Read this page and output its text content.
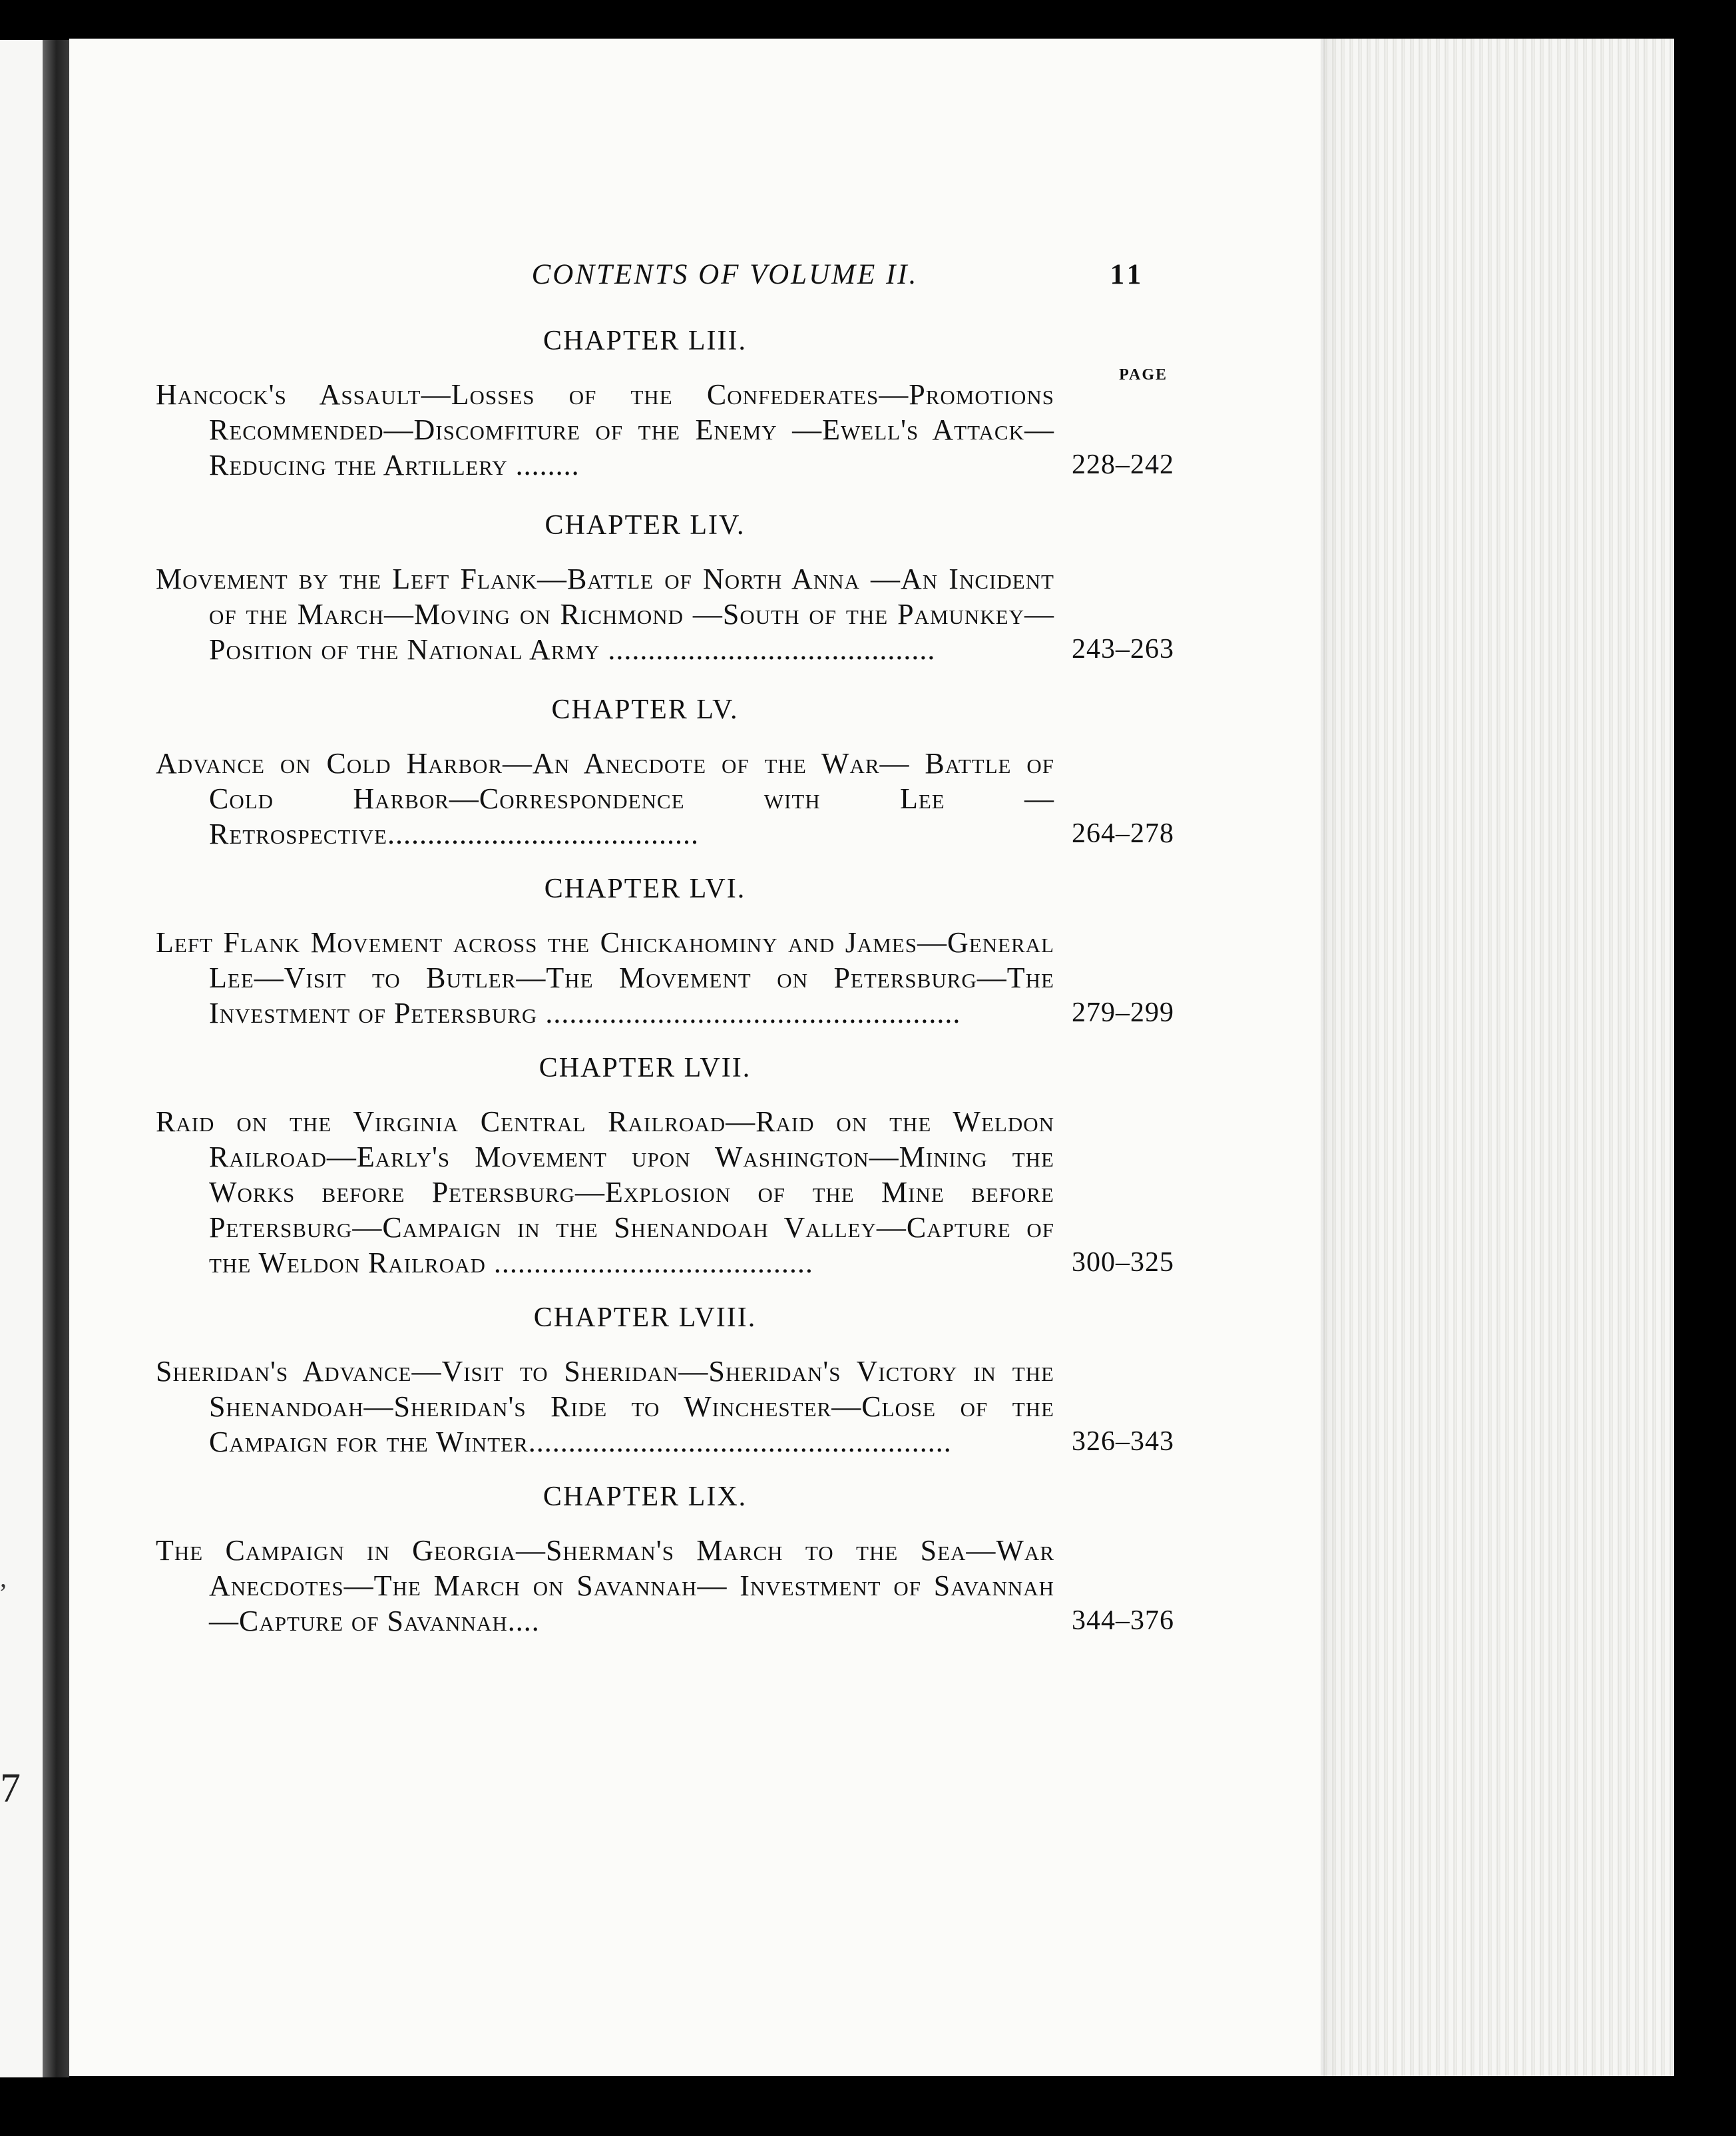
,
7
CONTENTS OF VOLUME II.	11
CHAPTER LIII.
PAGE
Hancock's Assault—Losses of the Confederates—Promotions Recommended—Discomfiture of the Enemy —Ewell's Attack—Reducing the Artillery ........	228–242
CHAPTER LIV.
Movement by the Left Flank—Battle of North Anna —An Incident of the March—Moving on Richmond —South of the Pamunkey—Position of the National Army .........................................	243–263
CHAPTER LV.
Advance on Cold Harbor—An Anecdote of the War— Battle of Cold Harbor—Correspondence with Lee —Retrospective.......................................	264–278
CHAPTER LVI.
Left Flank Movement across the Chickahominy and James—General Lee—Visit to Butler—The Movement on Petersburg—The Investment of Petersburg ....................................................	279–299
CHAPTER LVII.
Raid on the Virginia Central Railroad—Raid on the Weldon Railroad—Early's Movement upon Washington—Mining the Works before Petersburg—Explosion of the Mine before Petersburg—Campaign in the Shenandoah Valley—Capture of the Weldon Railroad ........................................	300–325
CHAPTER LVIII.
Sheridan's Advance—Visit to Sheridan—Sheridan's Victory in the Shenandoah—Sheridan's Ride to Winchester—Close of the Campaign for the Winter.....................................................	326–343
CHAPTER LIX.
The Campaign in Georgia—Sherman's March to the Sea—War Anecdotes—The March on Savannah— Investment of Savannah—Capture of Savannah....	344–376
